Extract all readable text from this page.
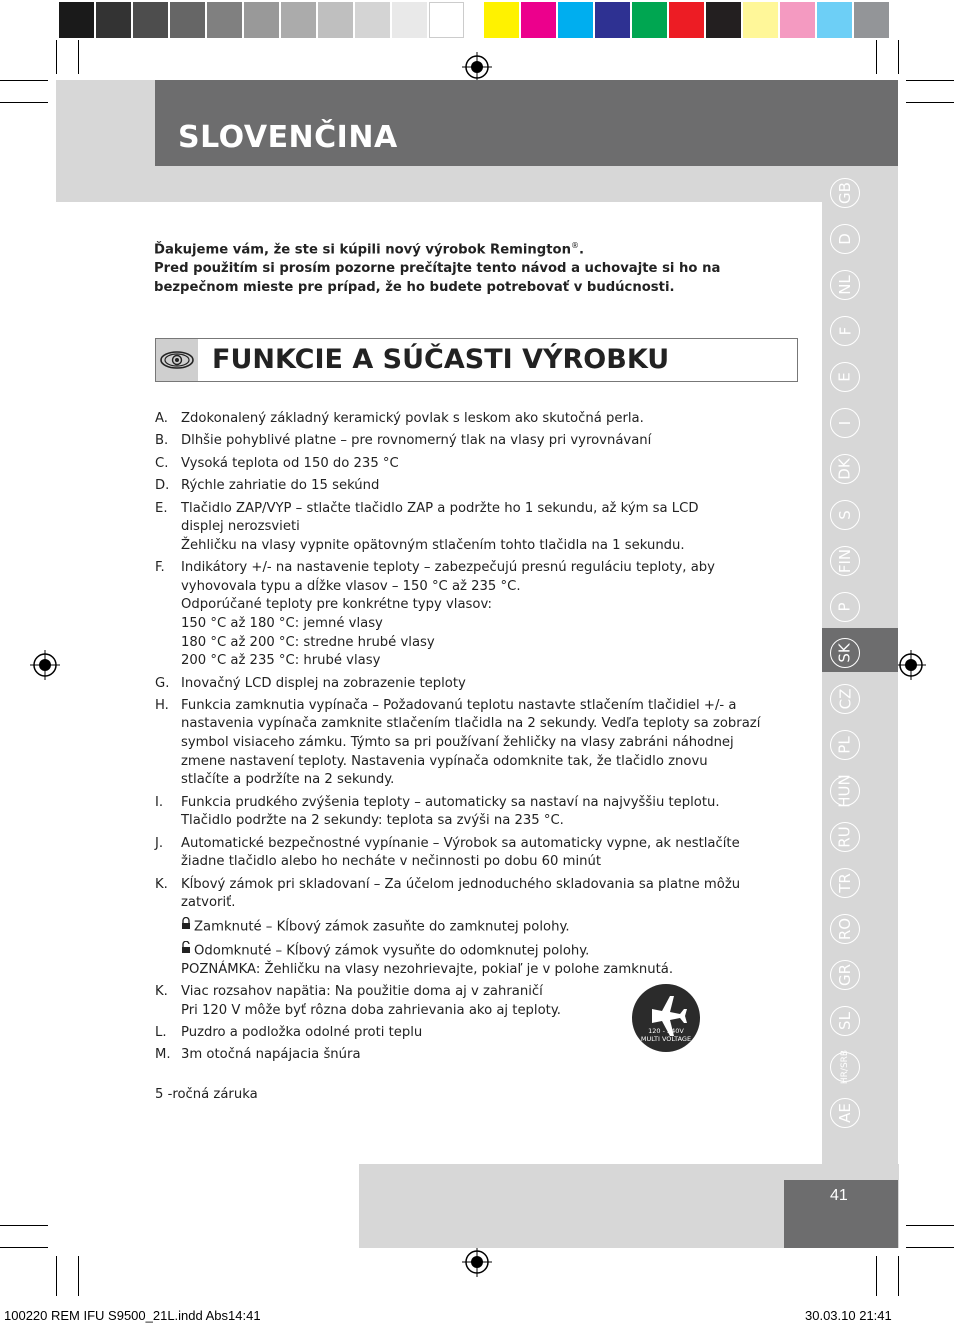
SLOVENČINA
GB
D
NL
F
E
I
DK
S
FIN
P
SK
CZ
PL
HUN
RU
TR
RO
GR
SL
HR/SRB
AE

Ďakujeme vám, že ste si kúpili nový výrobok Remington®.

Pred použitím si prosím pozorne prečítajte tento návod a uchovajte si ho na

bezpečnom mieste pre prípad, že ho budete potrebovať v budúcnosti.

FUNKCIE A SÚČASTI VÝROBKU
A. Zdokonalený základný keramický povlak s leskom ako skutočná perla.
B. Dlhšie pohyblivé platne – pre rovnomerný tlak na vlasy pri vyrovnávaní
C. Vysoká teplota od 150 do 235 °C
D. Rýchle zahriatie do 15 sekúnd
E.	Tlačidlo ZAP/VYP – stlačte tlačidlo ZAP a podržte ho 1 sekundu, až kým sa LCD
displej nerozsvieti
Žehličku na vlasy vypnite opätovným stlačením tohto tlačidla na 1 sekundu.
F.	Indikátory +/- na nastavenie teploty – zabezpečujú presnú reguláciu teploty, aby
vyhovovala typu a dĺžke vlasov – 150 °C až 235 °C.
Odporúčané teploty pre konkrétne typy vlasov:
150 °C až 180 °C: jemné vlasy
180 °C až 200 °C: stredne hrubé vlasy
200 °C až 235 °C: hrubé vlasy
G. Inovačný LCD displej na zobrazenie teploty
H. Funkcia zamknutia vypínača – Požadovanú teplotu nastavte stlačením tlačidiel +/- a
nastavenia vypínača zamknite stlačením tlačidla na 2 sekundy. Vedľa teploty sa zobrazí
symbol visiaceho zámku. Týmto sa pri používaní žehličky na vlasy zabráni náhodnej
zmene nastavení teploty. Nastavenia vypínača odomknite tak, že tlačidlo znovu
stlačíte a podržíte na 2 sekundy.
I.	Funkcia prudkého zvýšenia teploty – automaticky sa nastaví na najvyššiu teplotu.
Tlačidlo podržte na 2 sekundy: teplota sa zvýši na 235 °C.
J.	Automatické bezpečnostné vypínanie – Výrobok sa automaticky vypne, ak nestlačíte
žiadne tlačidlo alebo ho necháte v nečinnosti po dobu 60 minút
K. Kĺbový zámok pri skladovaní – Za účelom jednoduchého skladovania sa platne môžu
zatvoriť.
Zamknuté – Kĺbový zámok zasuňte do zamknutej polohy.
Odomknuté – Kĺbový zámok vysuňte do odomknutej polohy.
POZNÁMKA: Žehličku na vlasy nezohrievajte, pokiaľ je v polohe zamknutá.
K. Viac rozsahov napätia: Na použitie doma aj v zahraničí
Pri 120 V môže byť rôzna doba zahrievania ako aj teploty.
L.	Puzdro a podložka odolné proti teplu
M. 3m otočná napájacia šnúra
120 - 240V
MULTI VOLTAGE
5 -ročná záruka
41
100220 REM IFU S9500_21L.indd Abs14:41	30.03.10 21:41
